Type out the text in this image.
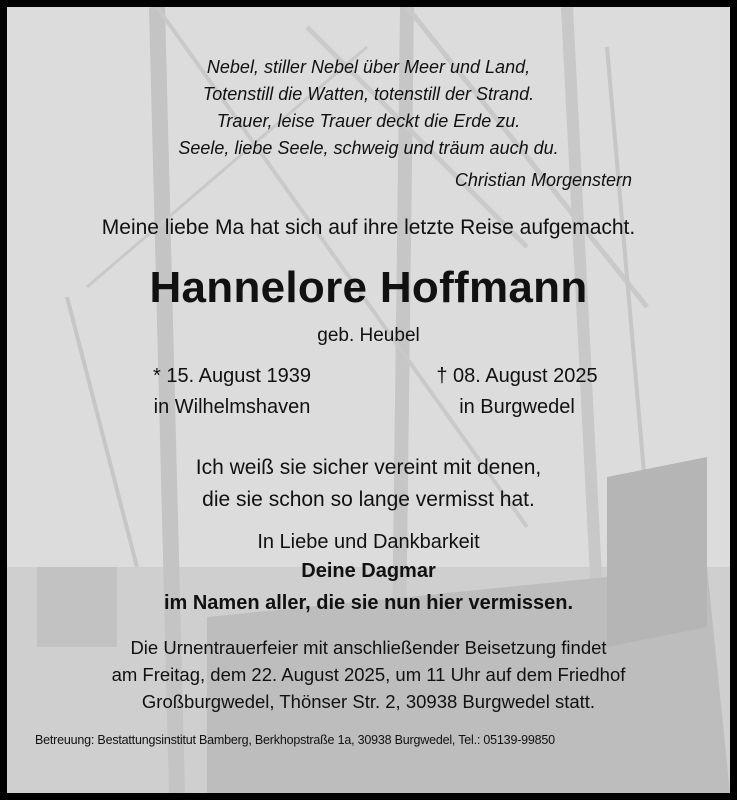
Nebel, stiller Nebel über Meer und Land,
Totenstill die Watten, totenstill der Strand.
Trauer, leise Trauer deckt die Erde zu.
Seele, liebe Seele, schweig und träum auch du.
Christian Morgenstern
Meine liebe Ma hat sich auf ihre letzte Reise aufgemacht.
Hannelore Hoffmann
geb. Heubel
* 15. August 1939
in Wilhelmshaven
† 08. August 2025
in Burgwedel
Ich weiß sie sicher vereint mit denen,
die sie schon so lange vermisst hat.
In Liebe und Dankbarkeit
Deine Dagmar
im Namen aller, die sie nun hier vermissen.
Die Urnentrauerfeier mit anschließender Beisetzung findet
am Freitag, dem 22. August 2025, um 11 Uhr auf dem Friedhof
Großburgwedel, Thönser Str. 2, 30938 Burgwedel statt.
Betreuung: Bestattungsinstitut Bamberg, Berkhopstraße 1a, 30938 Burgwedel, Tel.: 05139-99850
